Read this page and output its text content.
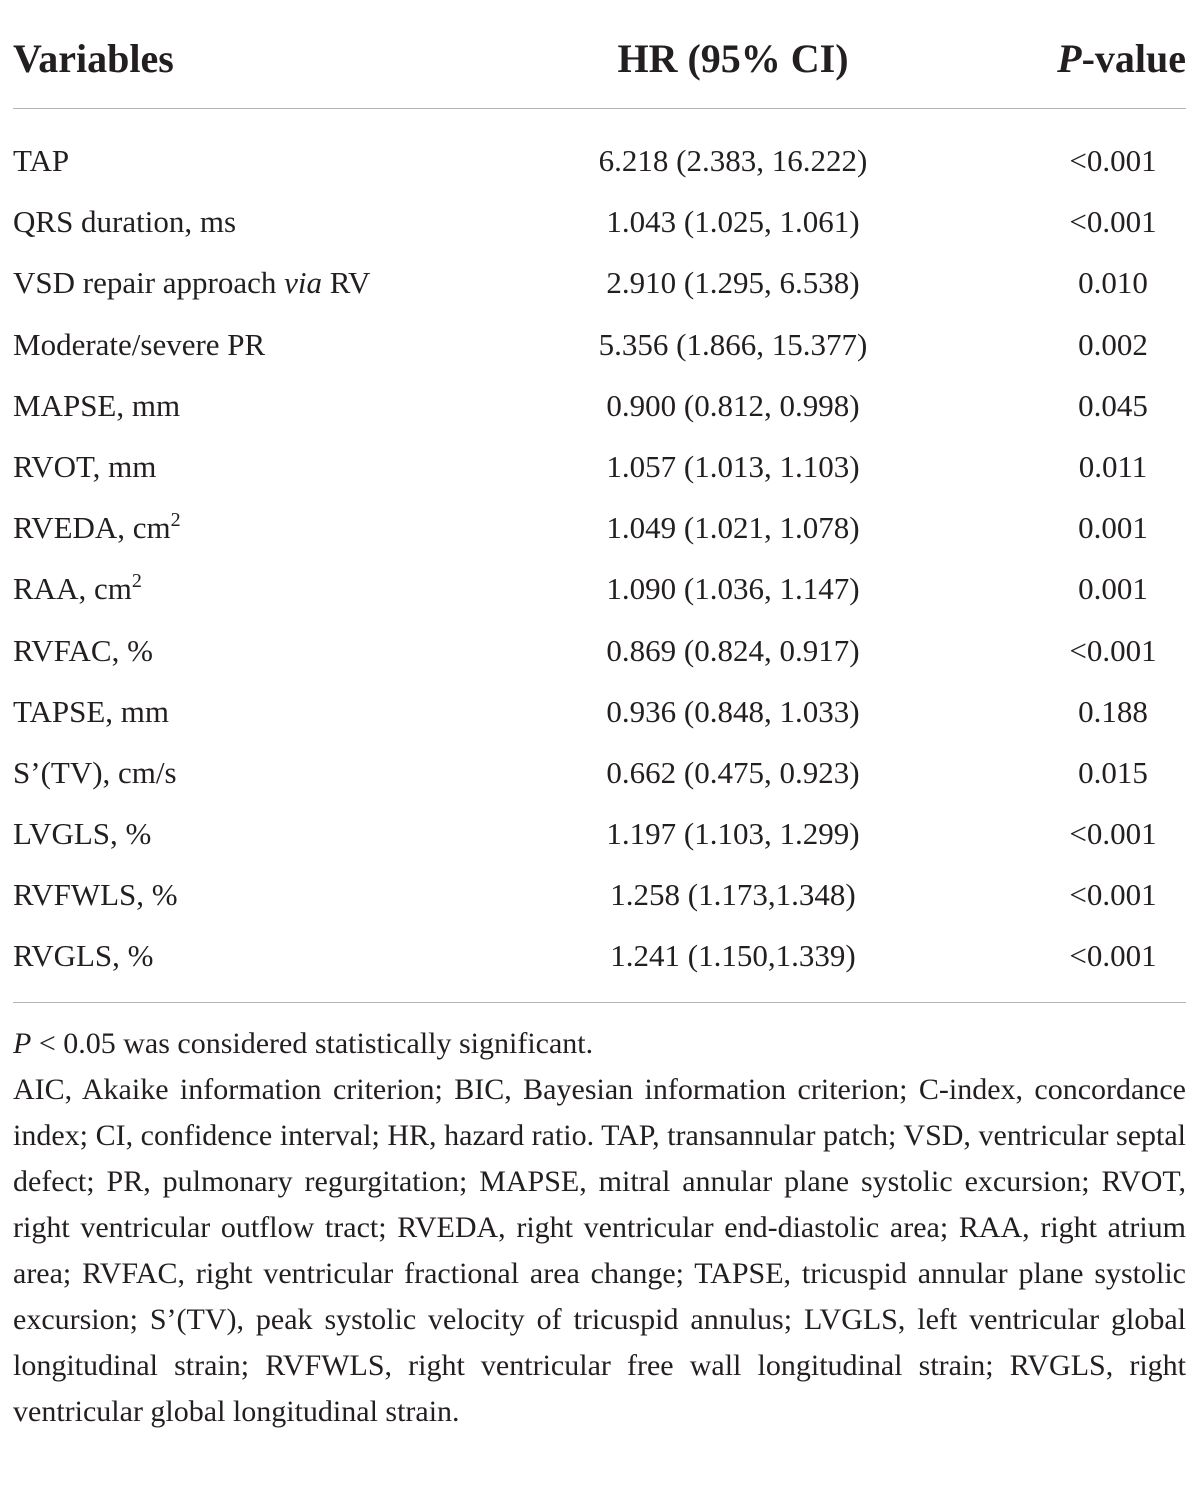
Variables	HR (95% CI)	P-value
TAP	6.218 (2.383, 16.222)	<0.001
QRS duration, ms	1.043 (1.025, 1.061)	<0.001
VSD repair approach via RV	2.910 (1.295, 6.538)	0.010
Moderate/severe PR	5.356 (1.866, 15.377)	0.002
MAPSE, mm	0.900 (0.812, 0.998)	0.045
RVOT, mm	1.057 (1.013, 1.103)	0.011
RVEDA, $cm^2$	1.049 (1.021, 1.078)	0.001
RAA, $cm^2$	1.090 (1.036, 1.147)	0.001
RVFAC, %	0.869 (0.824, 0.917)	<0.001
TAPSE, mm	0.936 (0.848, 1.033)	0.188
S’(TV), cm/s	0.662 (0.475, 0.923)	0.015
LVGLS, %	1.197 (1.103, 1.299)	<0.001
RVFWLS, %	1.258 (1.173,1.348)	<0.001
RVGLS, %	1.241 (1.150,1.339)	<0.001

P < 0.05 was considered statistically significant.

AIC, Akaike information criterion; BIC, Bayesian information criterion; C-index, concordance index; CI, confidence interval; HR, hazard ratio. TAP, transannular patch; VSD, ventricular septal defect; PR, pulmonary regurgitation; MAPSE, mitral annular plane systolic excursion; RVOT, right ventricular outflow tract; RVEDA, right ventricular end-diastolic area; RAA, right atrium area; RVFAC, right ventricular fractional area change; TAPSE, tricuspid annular plane systolic excursion; S’(TV), peak systolic velocity of tricuspid annulus; LVGLS, left ventricular global longitudinal strain; RVFWLS, right ventricular free wall longitudinal strain; RVGLS, right ventricular global longitudinal strain.
